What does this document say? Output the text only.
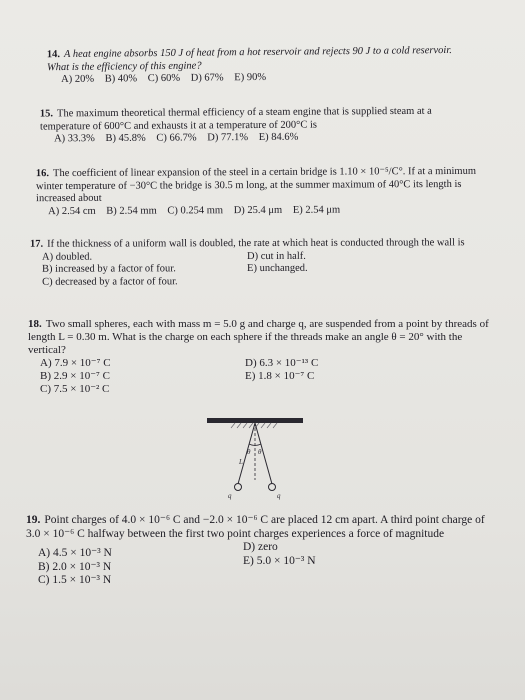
14. A heat engine absorbs 150 J of heat from a hot reservoir and rejects 90 J to a cold reservoir. What is the efficiency of this engine?
A) 20% B) 40% C) 60% D) 67% E) 90%
15. The maximum theoretical thermal efficiency of a steam engine that is supplied steam at a temperature of 600°C and exhausts it at a temperature of 200°C is
A) 33.3% B) 45.8% C) 66.7% D) 77.1% E) 84.6%
16. The coefficient of linear expansion of the steel in a certain bridge is 1.10 × 10⁻⁵/C°. If at a minimum winter temperature of −30°C the bridge is 30.5 m long, at the summer maximum of 40°C its length is increased about
A) 2.54 cm B) 2.54 mm C) 0.254 mm D) 25.4 μm E) 2.54 μm
17. If the thickness of a uniform wall is doubled, the rate at which heat is conducted through the wall is
A) doubled.
B) increased by a factor of four.
C) decreased by a factor of four.
D) cut in half.
E) unchanged.
18. Two small spheres, each with mass m = 5.0 g and charge q, are suspended from a point by threads of length L = 0.30 m. What is the charge on each sphere if the threads make an angle θ = 20° with the vertical?
A) 7.9 × 10⁻⁷ C
B) 2.9 × 10⁻⁷ C
C) 7.5 × 10⁻² C
D) 6.3 × 10⁻¹³ C
E) 1.8 × 10⁻⁷ C
θ θ
L
q	q
19. Point charges of 4.0 × 10⁻⁶ C and −2.0 × 10⁻⁶ C are placed 12 cm apart. A third point charge of 3.0 × 10⁻⁶ C halfway between the first two point charges experiences a force of magnitude
A) 4.5 × 10⁻³ N
B) 2.0 × 10⁻³ N
C) 1.5 × 10⁻³ N
D) zero
E) 5.0 × 10⁻³ N
